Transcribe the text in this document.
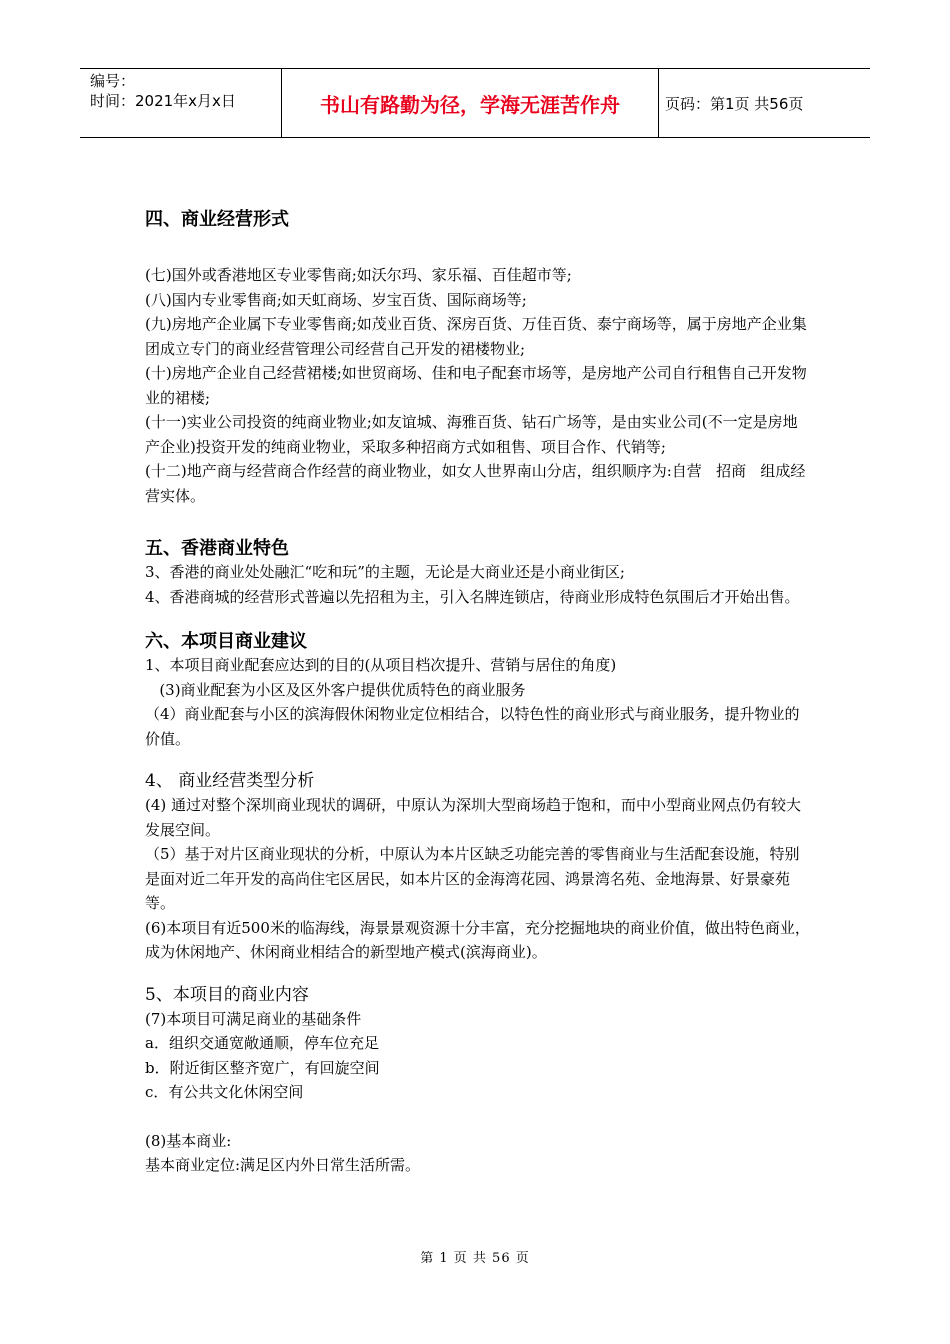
编号：
时间：2021年x月x日	书山有路勤为径，学海无涯苦作舟	页码：第1页 共56页
四、商业经营形式

(七)国外或香港地区专业零售商;如沃尔玛、家乐福、百佳超市等;

(八)国内专业零售商;如天虹商场、岁宝百货、国际商场等;

(九)房地产企业属下专业零售商;如茂业百货、深房百货、万佳百货、泰宁商场等，属于房地产企业集团成立专门的商业经营管理公司经营自己开发的裙楼物业;

(十)房地产企业自己经营裙楼;如世贸商场、佳和电子配套市场等，是房地产公司自行租售自己开发物业的裙楼;

(十一)实业公司投资的纯商业物业;如友谊城、海雅百货、钻石广场等，是由实业公司(不一定是房地产企业)投资开发的纯商业物业，采取多种招商方式如租售、项目合作、代销等;

(十二)地产商与经营商合作经营的商业物业，如女人世界南山分店，组织顺序为:自营   招商   组成经营实体。

五、香港商业特色

3、香港的商业处处融汇“吃和玩”的主题，无论是大商业还是小商业街区;

4、香港商城的经营形式普遍以先招租为主，引入名牌连锁店，待商业形成特色氛围后才开始出售。

六、本项目商业建议

1、本项目商业配套应达到的目的(从项目档次提升、营销与居住的角度)

(3)商业配套为小区及区外客户提供优质特色的商业服务

（4）商业配套与小区的滨海假休闲物业定位相结合，以特色性的商业形式与商业服务，提升物业的价值。

4、 商业经营类型分析

(4) 通过对整个深圳商业现状的调研，中原认为深圳大型商场趋于饱和，而中小型商业网点仍有较大发展空间。

（5）基于对片区商业现状的分析，中原认为本片区缺乏功能完善的零售商业与生活配套设施，特别是面对近二年开发的高尚住宅区居民，如本片区的金海湾花园、鸿景湾名苑、金地海景、好景豪苑等。

(6)本项目有近500米的临海线，海景景观资源十分丰富，充分挖掘地块的商业价值，做出特色商业，成为休闲地产、休闲商业相结合的新型地产模式(滨海商业)。

5、本项目的商业内容

(7)本项目可满足商业的基础条件

a．组织交通宽敞通顺，停车位充足

b．附近街区整齐宽广，有回旋空间

c．有公共文化休闲空间

(8)基本商业:

基本商业定位:满足区内外日常生活所需。

第 1 页 共 56 页
